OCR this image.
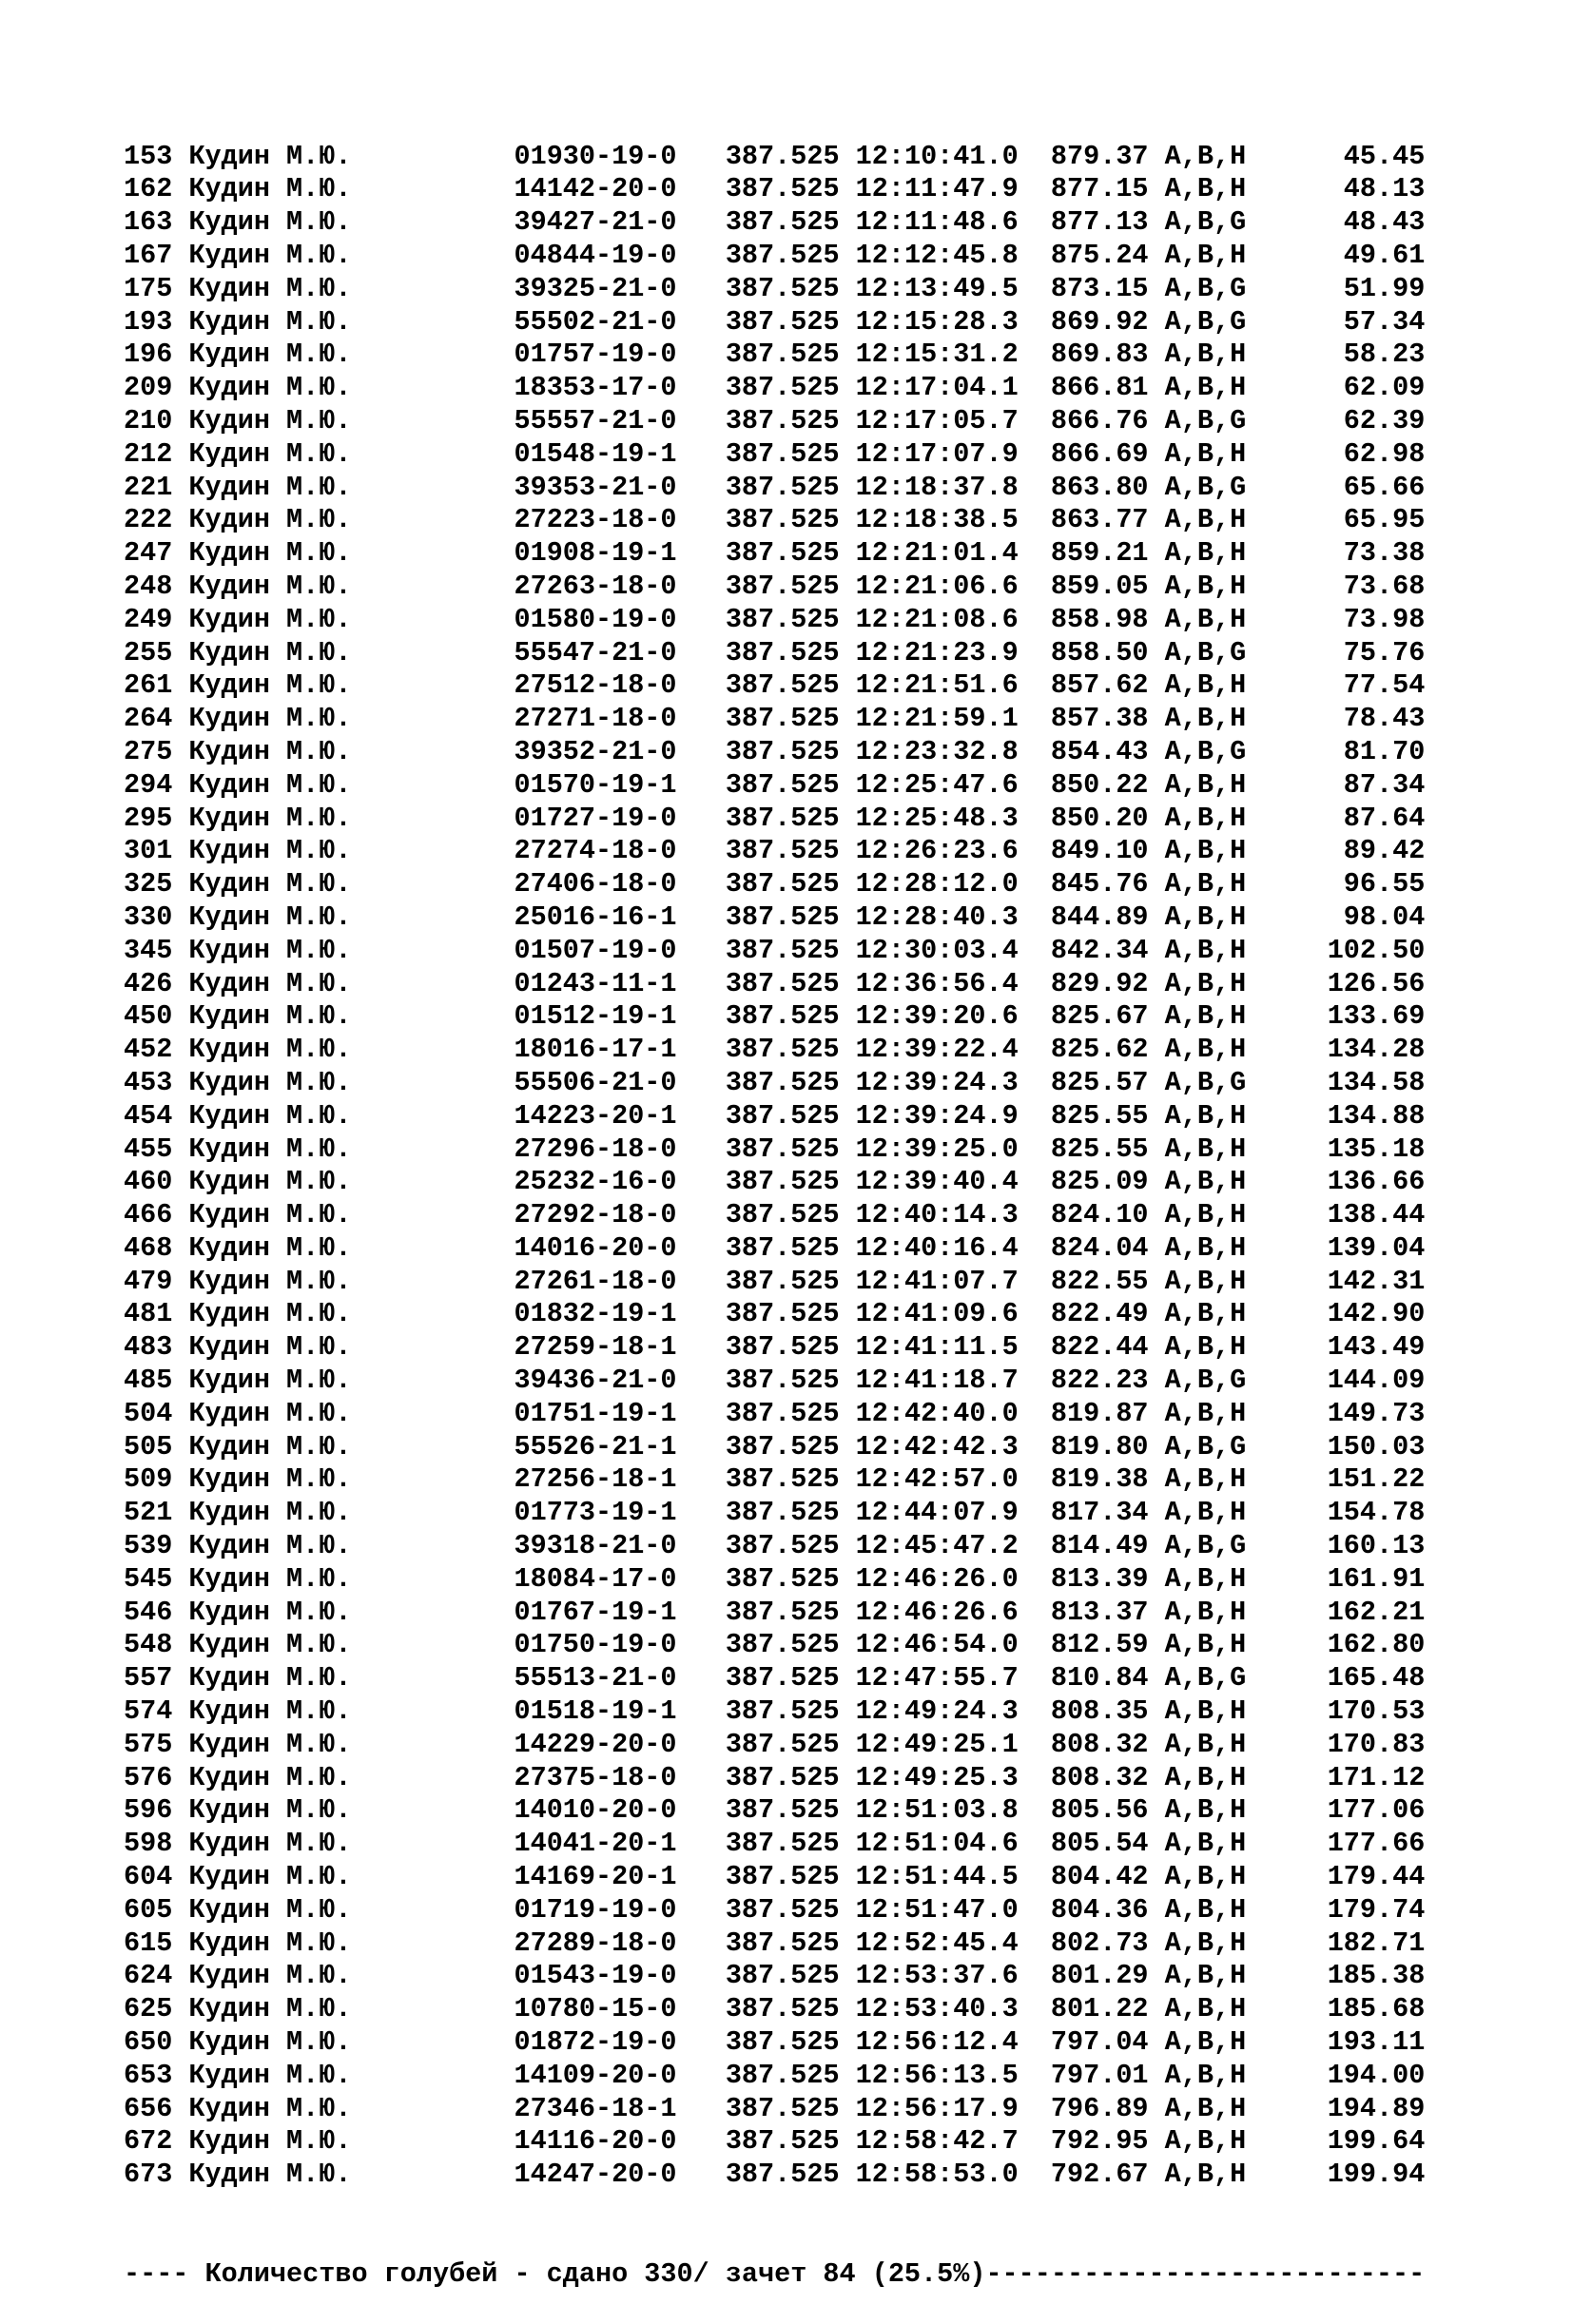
153 Кудин М.Ю.	01930-19-0 387.525 12:10:41.0 879.37 A,B,H      45.45
162 Кудин М.Ю.	14142-20-0 387.525 12:11:47.9 877.15 A,B,H      48.13
163 Кудин М.Ю.	39427-21-0 387.525 12:11:48.6 877.13 A,B,G      48.43
167 Кудин М.Ю.	04844-19-0 387.525 12:12:45.8 875.24 A,B,H      49.61
175 Кудин М.Ю.	39325-21-0 387.525 12:13:49.5 873.15 A,B,G      51.99
193 Кудин М.Ю.	55502-21-0 387.525 12:15:28.3 869.92 A,B,G      57.34
196 Кудин М.Ю.	01757-19-0 387.525 12:15:31.2 869.83 A,B,H      58.23
209 Кудин М.Ю.	18353-17-0 387.525 12:17:04.1 866.81 A,B,H      62.09
210 Кудин М.Ю.	55557-21-0 387.525 12:17:05.7 866.76 A,B,G      62.39
212 Кудин М.Ю.	01548-19-1 387.525 12:17:07.9 866.69 A,B,H      62.98
221 Кудин М.Ю.	39353-21-0 387.525 12:18:37.8 863.80 A,B,G      65.66
222 Кудин М.Ю.	27223-18-0 387.525 12:18:38.5 863.77 A,B,H      65.95
247 Кудин М.Ю.	01908-19-1 387.525 12:21:01.4 859.21 A,B,H      73.38
248 Кудин М.Ю.	27263-18-0 387.525 12:21:06.6 859.05 A,B,H      73.68
249 Кудин М.Ю.	01580-19-0 387.525 12:21:08.6 858.98 A,B,H      73.98
255 Кудин М.Ю.	55547-21-0 387.525 12:21:23.9 858.50 A,B,G      75.76
261 Кудин М.Ю.	27512-18-0 387.525 12:21:51.6 857.62 A,B,H      77.54
264 Кудин М.Ю.	27271-18-0 387.525 12:21:59.1 857.38 A,B,H      78.43
275 Кудин М.Ю.	39352-21-0 387.525 12:23:32.8 854.43 A,B,G      81.70
294 Кудин М.Ю.	01570-19-1 387.525 12:25:47.6 850.22 A,B,H      87.34
295 Кудин М.Ю.	01727-19-0 387.525 12:25:48.3 850.20 A,B,H      87.64
301 Кудин М.Ю.	27274-18-0 387.525 12:26:23.6 849.10 A,B,H      89.42
325 Кудин М.Ю.	27406-18-0 387.525 12:28:12.0 845.76 A,B,H      96.55
330 Кудин М.Ю.	25016-16-1 387.525 12:28:40.3 844.89 A,B,H      98.04
345 Кудин М.Ю.	01507-19-0 387.525 12:30:03.4 842.34 A,B,H     102.50
426 Кудин М.Ю.	01243-11-1 387.525 12:36:56.4 829.92 A,B,H     126.56
450 Кудин М.Ю.	01512-19-1 387.525 12:39:20.6 825.67 A,B,H     133.69
452 Кудин М.Ю.	18016-17-1 387.525 12:39:22.4 825.62 A,B,H     134.28
453 Кудин М.Ю.	55506-21-0 387.525 12:39:24.3 825.57 A,B,G     134.58
454 Кудин М.Ю.	14223-20-1 387.525 12:39:24.9 825.55 A,B,H     134.88
455 Кудин М.Ю.	27296-18-0 387.525 12:39:25.0 825.55 A,B,H     135.18
460 Кудин М.Ю.	25232-16-0 387.525 12:39:40.4 825.09 A,B,H     136.66
466 Кудин М.Ю.	27292-18-0 387.525 12:40:14.3 824.10 A,B,H     138.44
468 Кудин М.Ю.	14016-20-0 387.525 12:40:16.4 824.04 A,B,H     139.04
479 Кудин М.Ю.	27261-18-0 387.525 12:41:07.7 822.55 A,B,H     142.31
481 Кудин М.Ю.	01832-19-1 387.525 12:41:09.6 822.49 A,B,H     142.90
483 Кудин М.Ю.	27259-18-1 387.525 12:41:11.5 822.44 A,B,H     143.49
485 Кудин М.Ю.	39436-21-0 387.525 12:41:18.7 822.23 A,B,G     144.09
504 Кудин М.Ю.	01751-19-1 387.525 12:42:40.0 819.87 A,B,H     149.73
505 Кудин М.Ю.	55526-21-1 387.525 12:42:42.3 819.80 A,B,G     150.03
509 Кудин М.Ю.	27256-18-1 387.525 12:42:57.0 819.38 A,B,H     151.22
521 Кудин М.Ю.	01773-19-1 387.525 12:44:07.9 817.34 A,B,H     154.78
539 Кудин М.Ю.	39318-21-0 387.525 12:45:47.2 814.49 A,B,G     160.13
545 Кудин М.Ю.	18084-17-0 387.525 12:46:26.0 813.39 A,B,H     161.91
546 Кудин М.Ю.	01767-19-1 387.525 12:46:26.6 813.37 A,B,H     162.21
548 Кудин М.Ю.	01750-19-0 387.525 12:46:54.0 812.59 A,B,H     162.80
557 Кудин М.Ю.	55513-21-0 387.525 12:47:55.7 810.84 A,B,G     165.48
574 Кудин М.Ю.	01518-19-1 387.525 12:49:24.3 808.35 A,B,H     170.53
575 Кудин М.Ю.	14229-20-0 387.525 12:49:25.1 808.32 A,B,H     170.83
576 Кудин М.Ю.	27375-18-0 387.525 12:49:25.3 808.32 A,B,H     171.12
596 Кудин М.Ю.	14010-20-0 387.525 12:51:03.8 805.56 A,B,H     177.06
598 Кудин М.Ю.	14041-20-1 387.525 12:51:04.6 805.54 A,B,H     177.66
604 Кудин М.Ю.	14169-20-1 387.525 12:51:44.5 804.42 A,B,H     179.44
605 Кудин М.Ю.	01719-19-0 387.525 12:51:47.0 804.36 A,B,H     179.74
615 Кудин М.Ю.	27289-18-0 387.525 12:52:45.4 802.73 A,B,H     182.71
624 Кудин М.Ю.	01543-19-0 387.525 12:53:37.6 801.29 A,B,H     185.38
625 Кудин М.Ю.	10780-15-0 387.525 12:53:40.3 801.22 A,B,H     185.68
650 Кудин М.Ю.	01872-19-0 387.525 12:56:12.4 797.04 A,B,H     193.11
653 Кудин М.Ю.	14109-20-0 387.525 12:56:13.5 797.01 A,B,H     194.00
656 Кудин М.Ю.	27346-18-1 387.525 12:56:17.9 796.89 A,B,H     194.89
672 Кудин М.Ю.	14116-20-0 387.525 12:58:42.7 792.95 A,B,H     199.64
673 Кудин М.Ю.	14247-20-0 387.525 12:58:53.0 792.67 A,B,H     199.94

---- Количество голубей - сдано 330/ зачет 84 (25.5%)---------------------------
